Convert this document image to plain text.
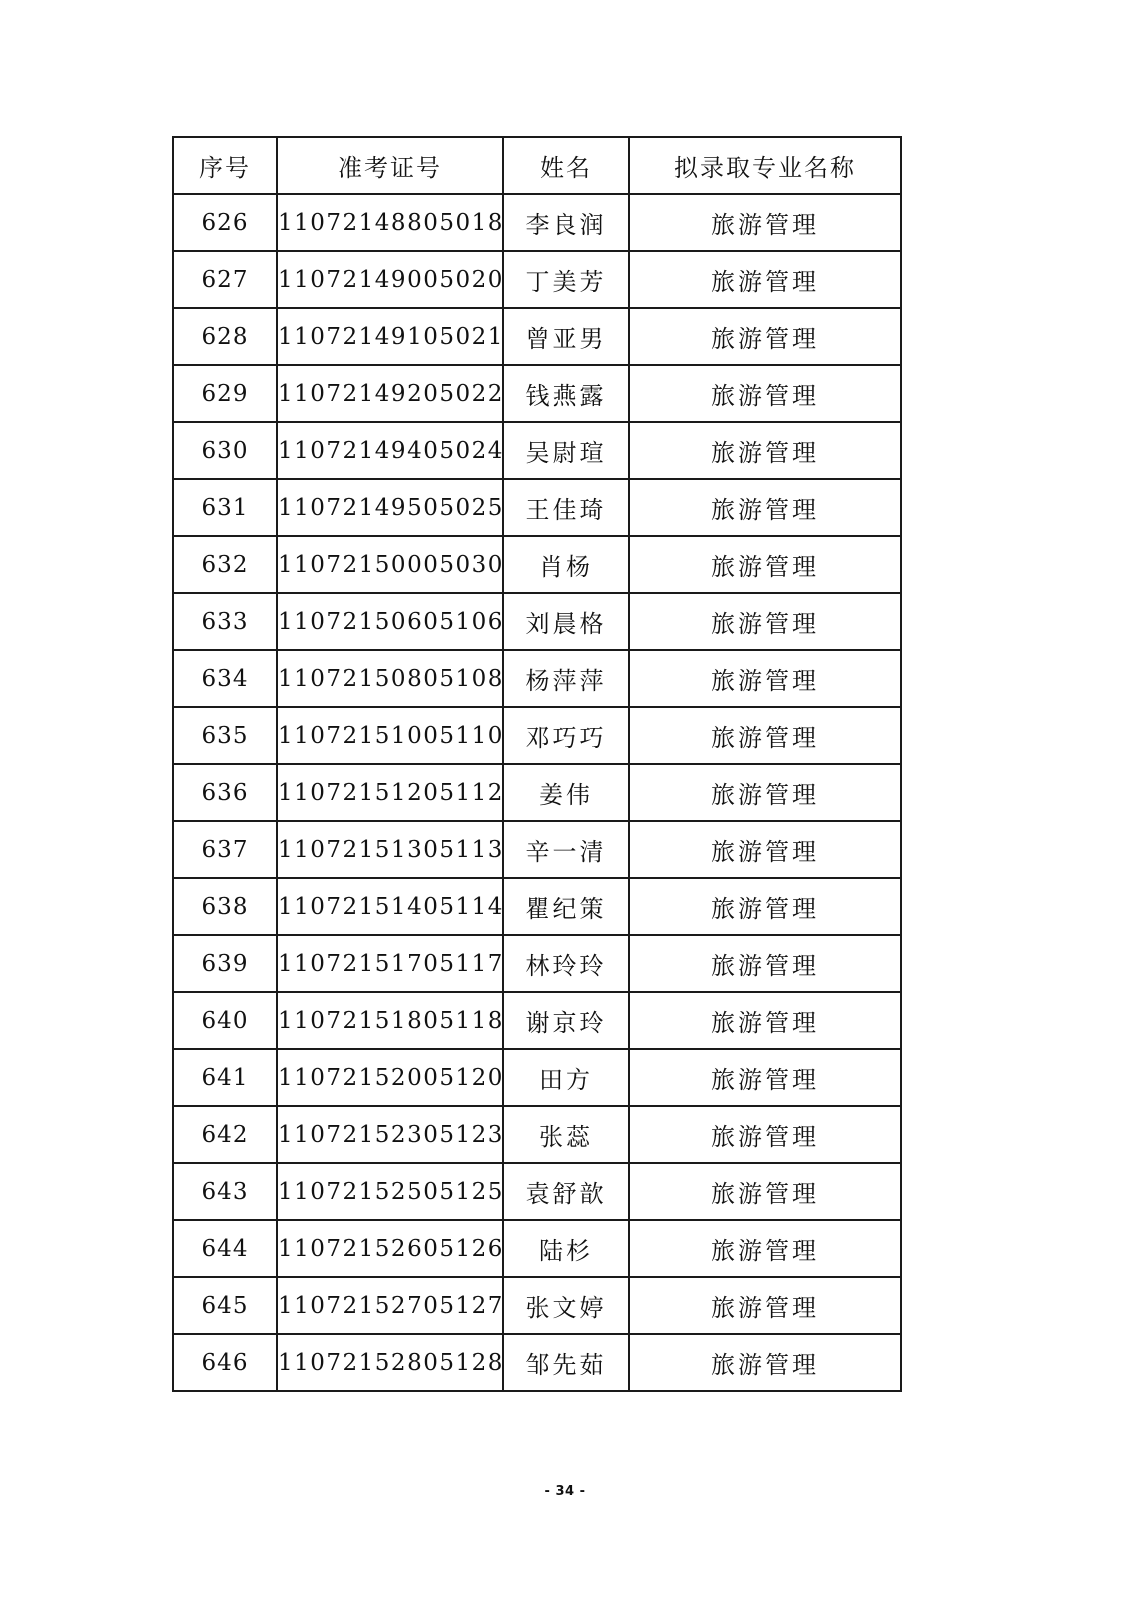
序号	准考证号	姓名	拟录取专业名称
626	11072148805018	李良润	旅游管理
627	11072149005020	丁美芳	旅游管理
628	11072149105021	曾亚男	旅游管理
629	11072149205022	钱燕露	旅游管理
630	11072149405024	吴尉瑄	旅游管理
631	11072149505025	王佳琦	旅游管理
632	11072150005030	肖杨	旅游管理
633	11072150605106	刘晨格	旅游管理
634	11072150805108	杨萍萍	旅游管理
635	11072151005110	邓巧巧	旅游管理
636	11072151205112	姜伟	旅游管理
637	11072151305113	辛一清	旅游管理
638	11072151405114	瞿纪策	旅游管理
639	11072151705117	林玲玲	旅游管理
640	11072151805118	谢京玲	旅游管理
641	11072152005120	田方	旅游管理
642	11072152305123	张蕊	旅游管理
643	11072152505125	袁舒歆	旅游管理
644	11072152605126	陆杉	旅游管理
645	11072152705127	张文婷	旅游管理
646	11072152805128	邹先茹	旅游管理
- 34 -
